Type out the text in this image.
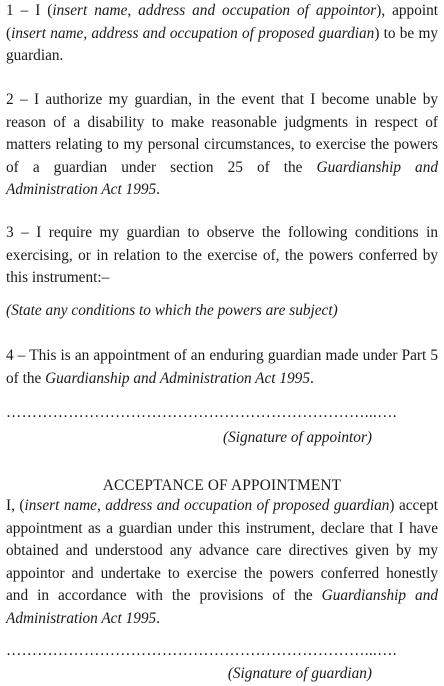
1 – I (insert name, address and occupation of appointor), appoint (insert name, address and occupation of proposed guardian) to be my guardian.

2 – I authorize my guardian, in the event that I become unable by reason of a disability to make reasonable judgments in respect of matters relating to my personal circumstances, to exercise the powers of a guardian under section 25 of the Guardianship and Administration Act 1995.

3 – I require my guardian to observe the following conditions in exercising, or in relation to the exercise of, the powers conferred by this instrument:–

(State any conditions to which the powers are subject)

4 – This is an appointment of an enduring guardian made under Part 5 of the Guardianship and Administration Act 1995.

……………………………………………………………...….
(Signature of appointor)
ACCEPTANCE OF APPOINTMENT

I, (insert name, address and occupation of proposed guardian) accept appointment as a guardian under this instrument, declare that I have obtained and understood any advance care directives given by my appointor and undertake to exercise the powers conferred honestly and in accordance with the provisions of the Guardianship and Administration Act 1995.

……………………………………………………………...….
(Signature of guardian)
